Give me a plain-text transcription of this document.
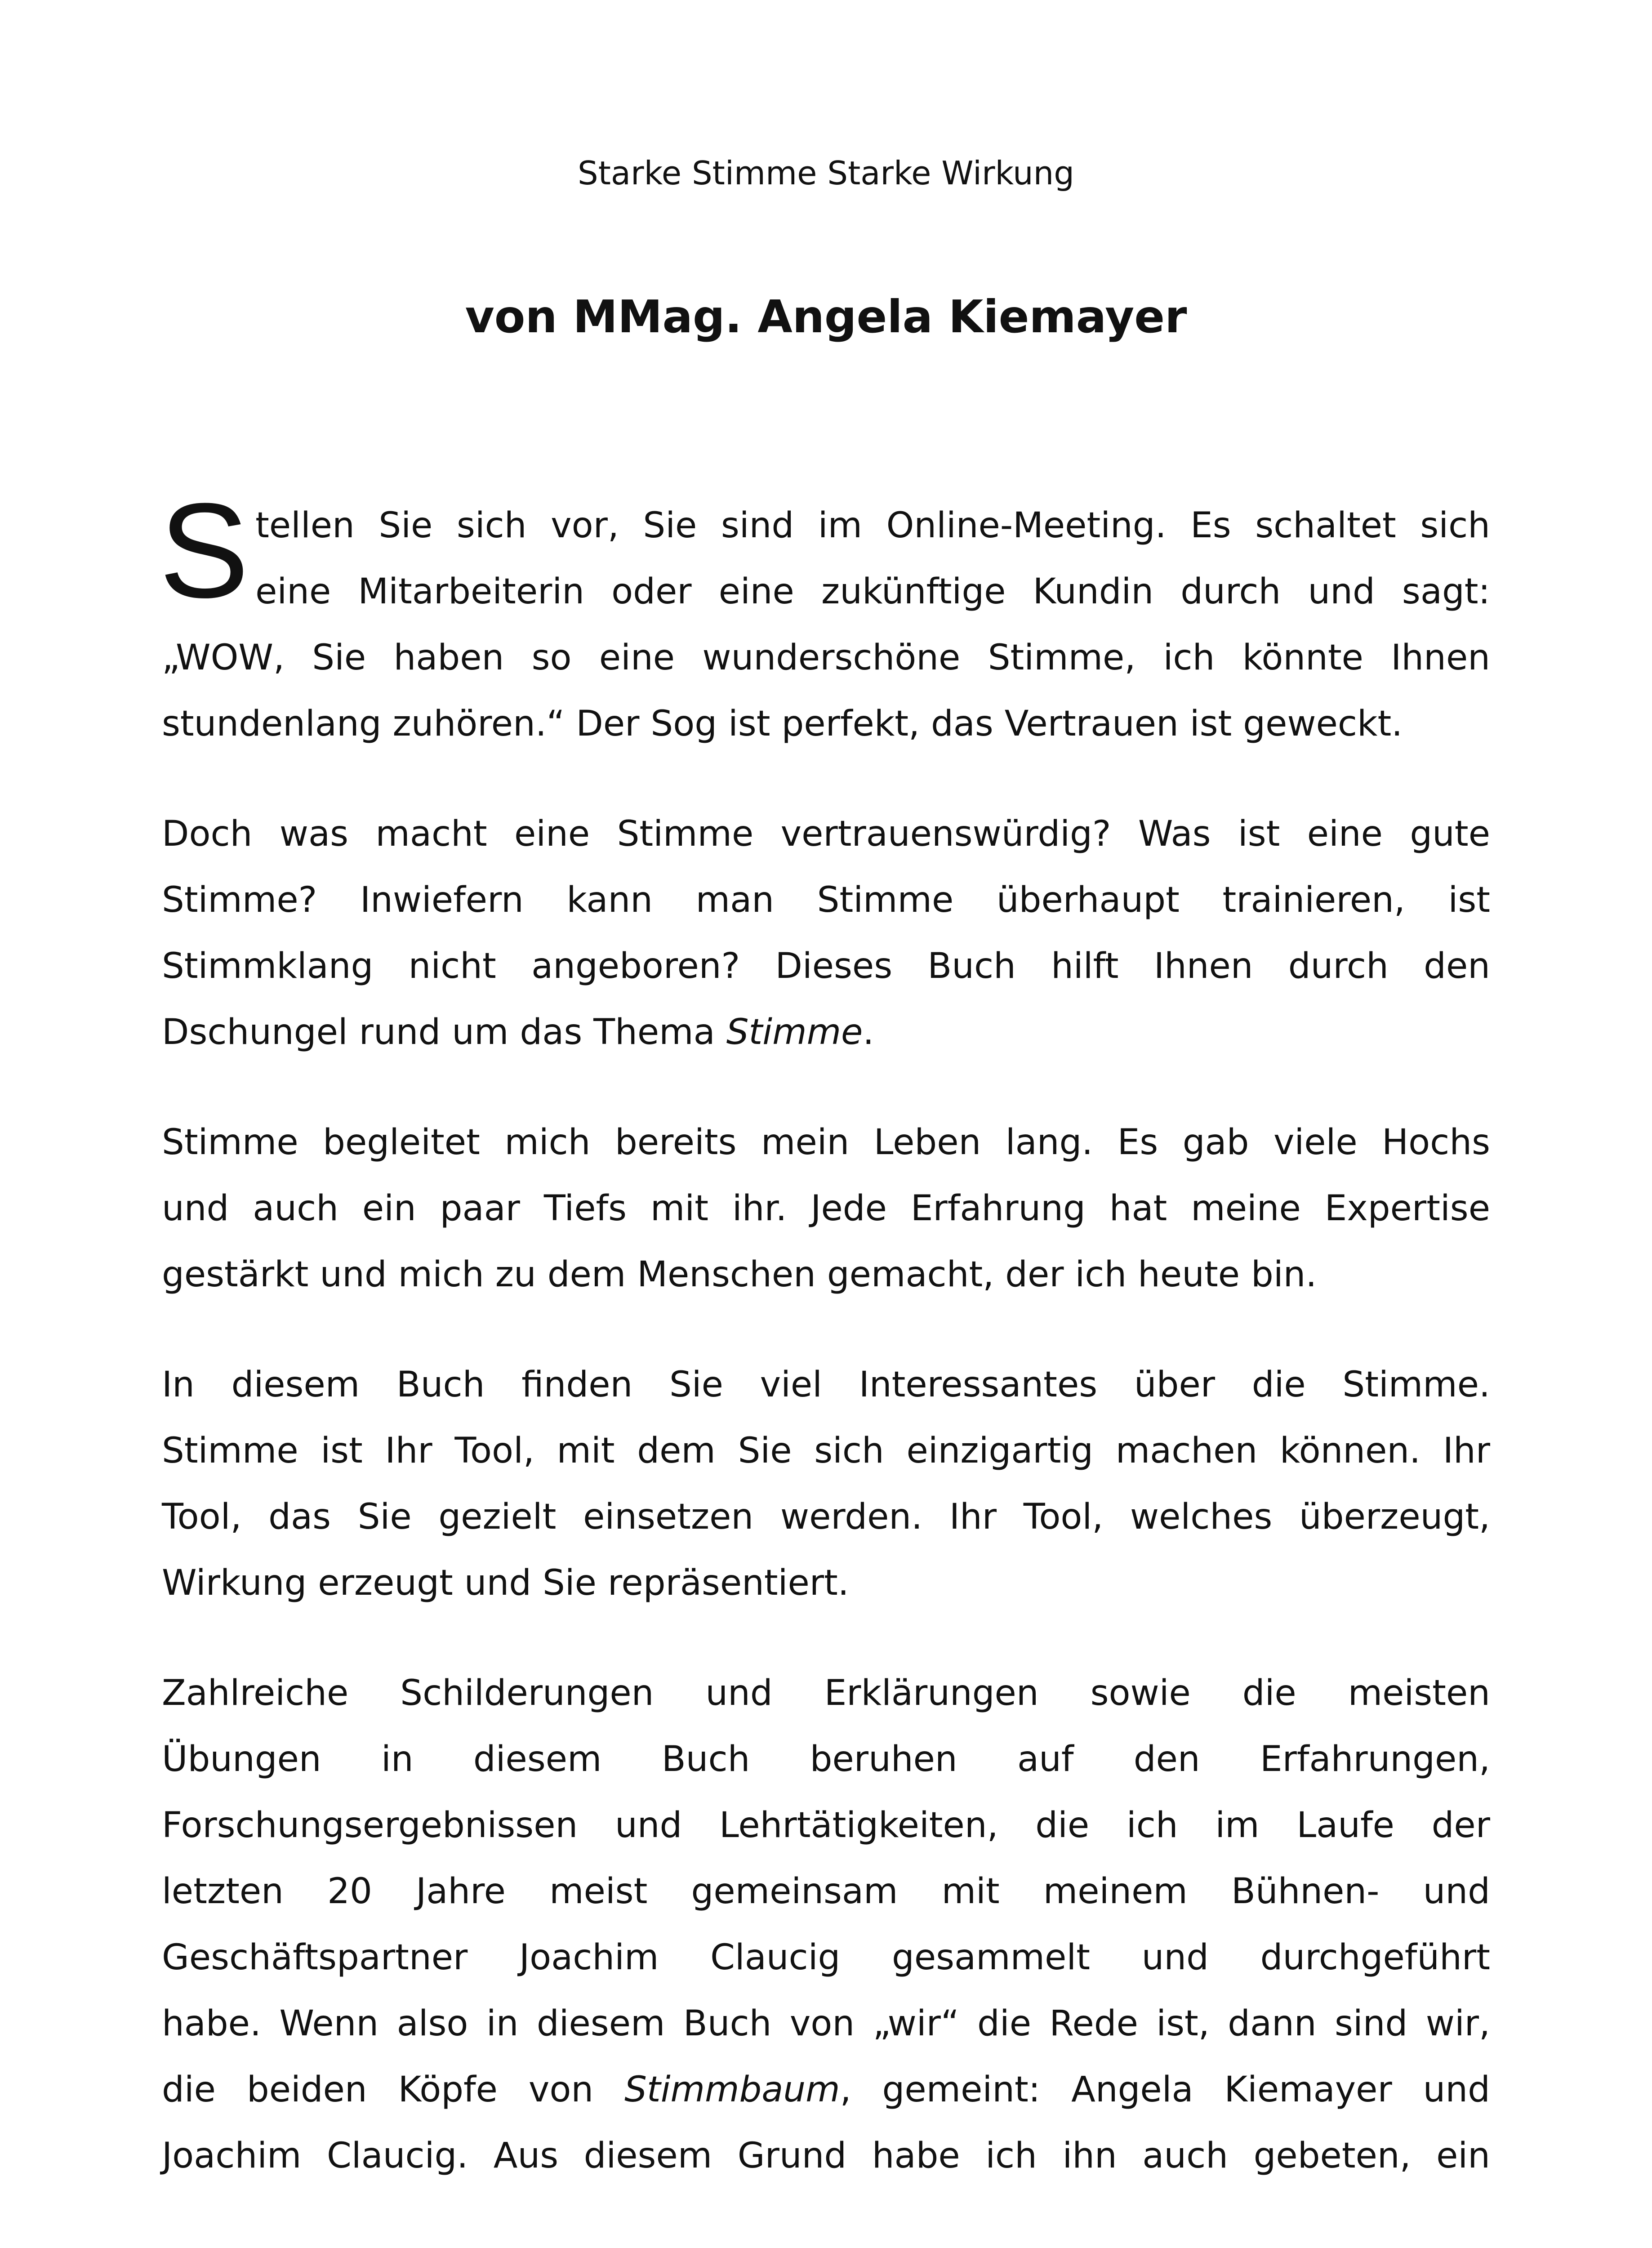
Starke Stimme Starke Wirkung
von MMag. Angela Kiemayer
S tellen Sie sich vor, Sie sind im Online-Meeting. Es schaltet sich
eine Mitarbeiterin oder eine zukünftige Kundin durch und sagt:
„WOW, Sie haben so eine wunderschöne Stimme, ich könnte Ihnen
stundenlang zuhören.“ Der Sog ist perfekt, das Vertrauen ist geweckt.
Doch was macht eine Stimme vertrauenswürdig? Was ist eine gute
Stimme? Inwiefern kann man Stimme überhaupt trainieren, ist
Stimmklang nicht angeboren? Dieses Buch hilft Ihnen durch den
Dschungel rund um das Thema Stimme.
Stimme begleitet mich bereits mein Leben lang. Es gab viele Hochs
und auch ein paar Tiefs mit ihr. Jede Erfahrung hat meine Expertise
gestärkt und mich zu dem Menschen gemacht, der ich heute bin.
In diesem Buch finden Sie viel Interessantes über die Stimme.
Stimme ist Ihr Tool, mit dem Sie sich einzigartig machen können. Ihr
Tool, das Sie gezielt einsetzen werden. Ihr Tool, welches überzeugt,
Wirkung erzeugt und Sie repräsentiert.
Zahlreiche Schilderungen und Erklärungen sowie die meisten
Übungen in diesem Buch beruhen auf den Erfahrungen,
Forschungsergebnissen und Lehrtätigkeiten, die ich im Laufe der
letzten 20 Jahre meist gemeinsam mit meinem Bühnen- und
Geschäftspartner Joachim Claucig gesammelt und durchgeführt
habe. Wenn also in diesem Buch von „wir“ die Rede ist, dann sind wir,
die beiden Köpfe von Stimmbaum, gemeint: Angela Kiemayer und
Joachim Claucig. Aus diesem Grund habe ich ihn auch gebeten, ein
